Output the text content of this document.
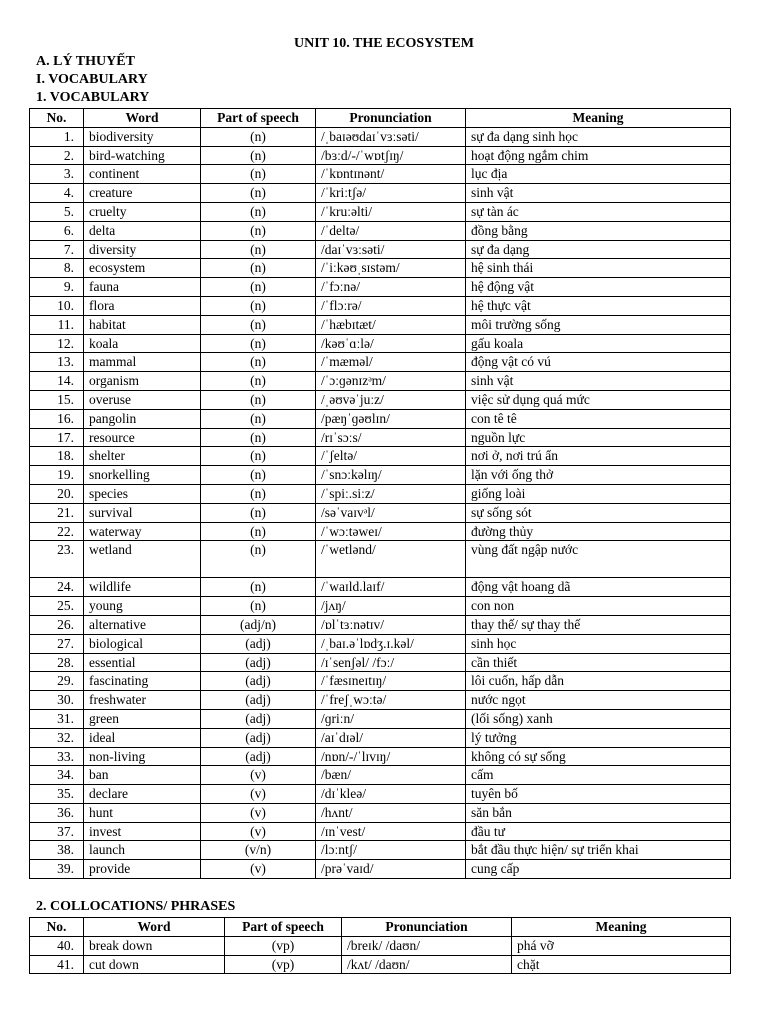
UNIT 10. THE ECOSYSTEM
A. LÝ THUYẾT
I. VOCABULARY
1. VOCABULARY
No.	Word	Part of speech	Pronunciation	Meaning
1.	biodiversity	(n)	/ˌbaɪəʊdaɪˈvɜːsəti/	sự đa dạng sinh học
2.	bird-watching	(n)	/bɜːd/-/ˈwɒtʃɪŋ/	hoạt động ngắm chim
3.	continent	(n)	/ˈkɒntɪnənt/	lục địa
4.	creature	(n)	/ˈkriːtʃə/	sinh vật
5.	cruelty	(n)	/ˈkruːəlti/	sự tàn ác
6.	delta	(n)	/ˈdeltə/	đồng bằng
7.	diversity	(n)	/daɪˈvɜːsəti/	sự đa dạng
8.	ecosystem	(n)	/ˈiːkəʊˌsɪstəm/	hệ sinh thái
9.	fauna	(n)	/ˈfɔːnə/	hệ động vật
10.	flora	(n)	/ˈflɔːrə/	hệ thực vật
11.	habitat	(n)	/ˈhæbɪtæt/	môi trường sống
12.	koala	(n)	/kəʊˈɑːlə/	gấu koala
13.	mammal	(n)	/ˈmæməl/	động vật có vú
14.	organism	(n)	/ˈɔːɡənɪzᵊm/	sinh vật
15.	overuse	(n)	/ˌəʊvəˈjuːz/	việc sử dụng quá mức
16.	pangolin	(n)	/pæŋˈɡəʊlɪn/	con tê tê
17.	resource	(n)	/rɪˈsɔːs/	nguồn lực
18.	shelter	(n)	/ˈʃeltə/	nơi ở, nơi trú ẩn
19.	snorkelling	(n)	/ˈsnɔːkəlɪŋ/	lặn với ống thở
20.	species	(n)	/ˈspiː.siːz/	giống loài
21.	survival	(n)	/səˈvaɪvᵊl/	sự sống sót
22.	waterway	(n)	/ˈwɔːtəweɪ/	đường thủy
23.	wetland	(n)	/ˈwetlənd/	vùng đất ngập nước
24.	wildlife	(n)	/ˈwaɪld.laɪf/	động vật hoang dã
25.	young	(n)	/jʌŋ/	con non
26.	alternative	(adj/n)	/ɒlˈtɜːnətɪv/	thay thế/ sự thay thế
27.	biological	(adj)	/ˌbaɪ.əˈlɒdʒ.ɪ.kəl/	sinh học
28.	essential	(adj)	/ɪˈsenʃəl/ /fɔː/	cần thiết
29.	fascinating	(adj)	/ˈfæsɪneɪtɪŋ/	lôi cuốn, hấp dẫn
30.	freshwater	(adj)	/ˈfreʃˌwɔːtə/	nước ngọt
31.	green	(adj)	/ɡriːn/	(lối sống) xanh
32.	ideal	(adj)	/aɪˈdɪəl/	lý tưởng
33.	non-living	(adj)	/nɒn/-/ˈlɪvɪŋ/	không có sự sống
34.	ban	(v)	/bæn/	cấm
35.	declare	(v)	/dɪˈkleə/	tuyên bố
36.	hunt	(v)	/hʌnt/	săn bắn
37.	invest	(v)	/ɪnˈvest/	đầu tư
38.	launch	(v/n)	/lɔːntʃ/	bắt đầu thực hiện/ sự triển khai
39.	provide	(v)	/prəˈvaɪd/	cung cấp
2. COLLOCATIONS/ PHRASES
No.	Word	Part of speech	Pronunciation	Meaning
40.	break down	(vp)	/breɪk/ /daʊn/	phá vỡ
41.	cut down	(vp)	/kʌt/ /daʊn/	chặt
